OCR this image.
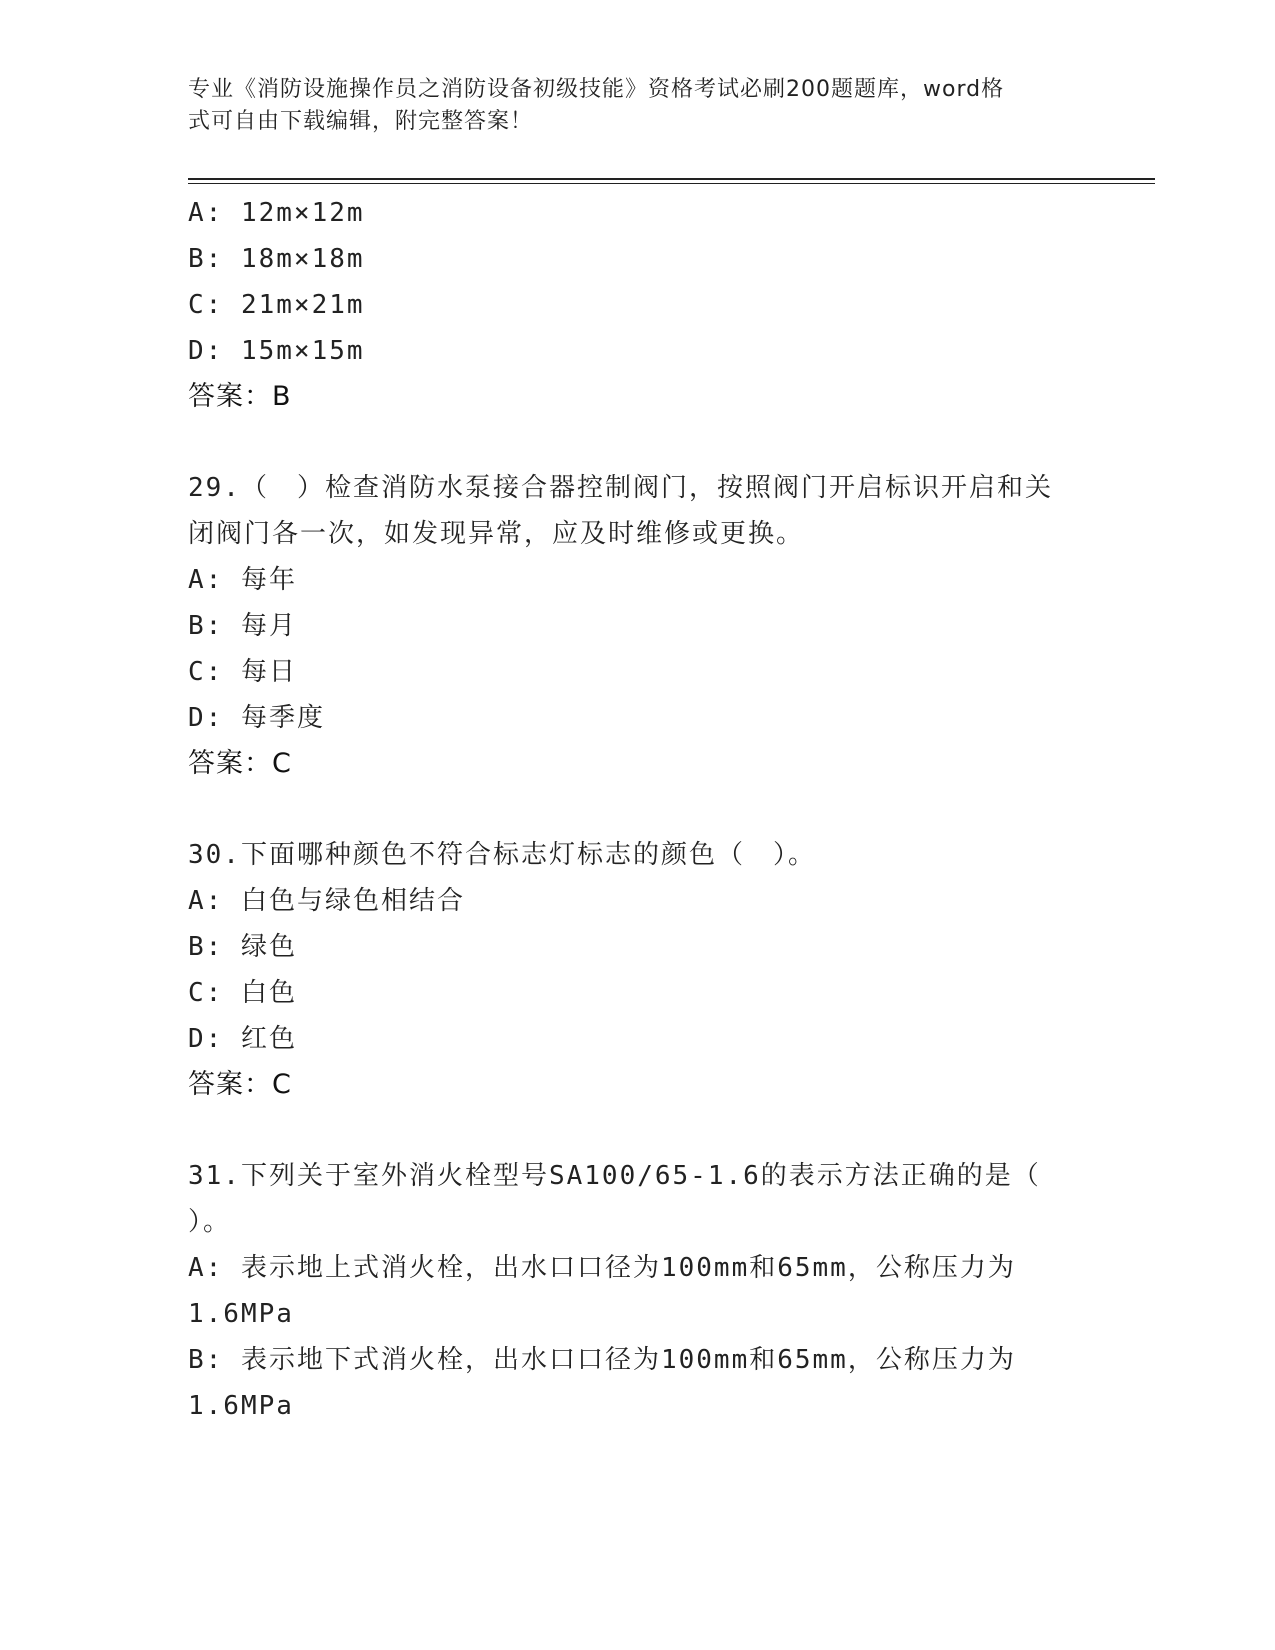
专业《消防设施操作员之消防设备初级技能》资格考试必刷200题题库，word格
式可自由下载编辑，附完整答案！
A: 12m×12m
B: 18m×18m
C: 21m×21m
D: 15m×15m
答案：B
29.（　）检查消防水泵接合器控制阀门，按照阀门开启标识开启和关
闭阀门各一次，如发现异常，应及时维修或更换。
A: 每年
B: 每月
C: 每日
D: 每季度
答案：C
30.下面哪种颜色不符合标志灯标志的颜色（　）。
A: 白色与绿色相结合
B: 绿色
C: 白色
D: 红色
答案：C
31.下列关于室外消火栓型号SA100/65-1.6的表示方法正确的是（
）。
A: 表示地上式消火栓，出水口口径为100mm和65mm，公称压力为
1.6MPa
B: 表示地下式消火栓，出水口口径为100mm和65mm，公称压力为
1.6MPa
